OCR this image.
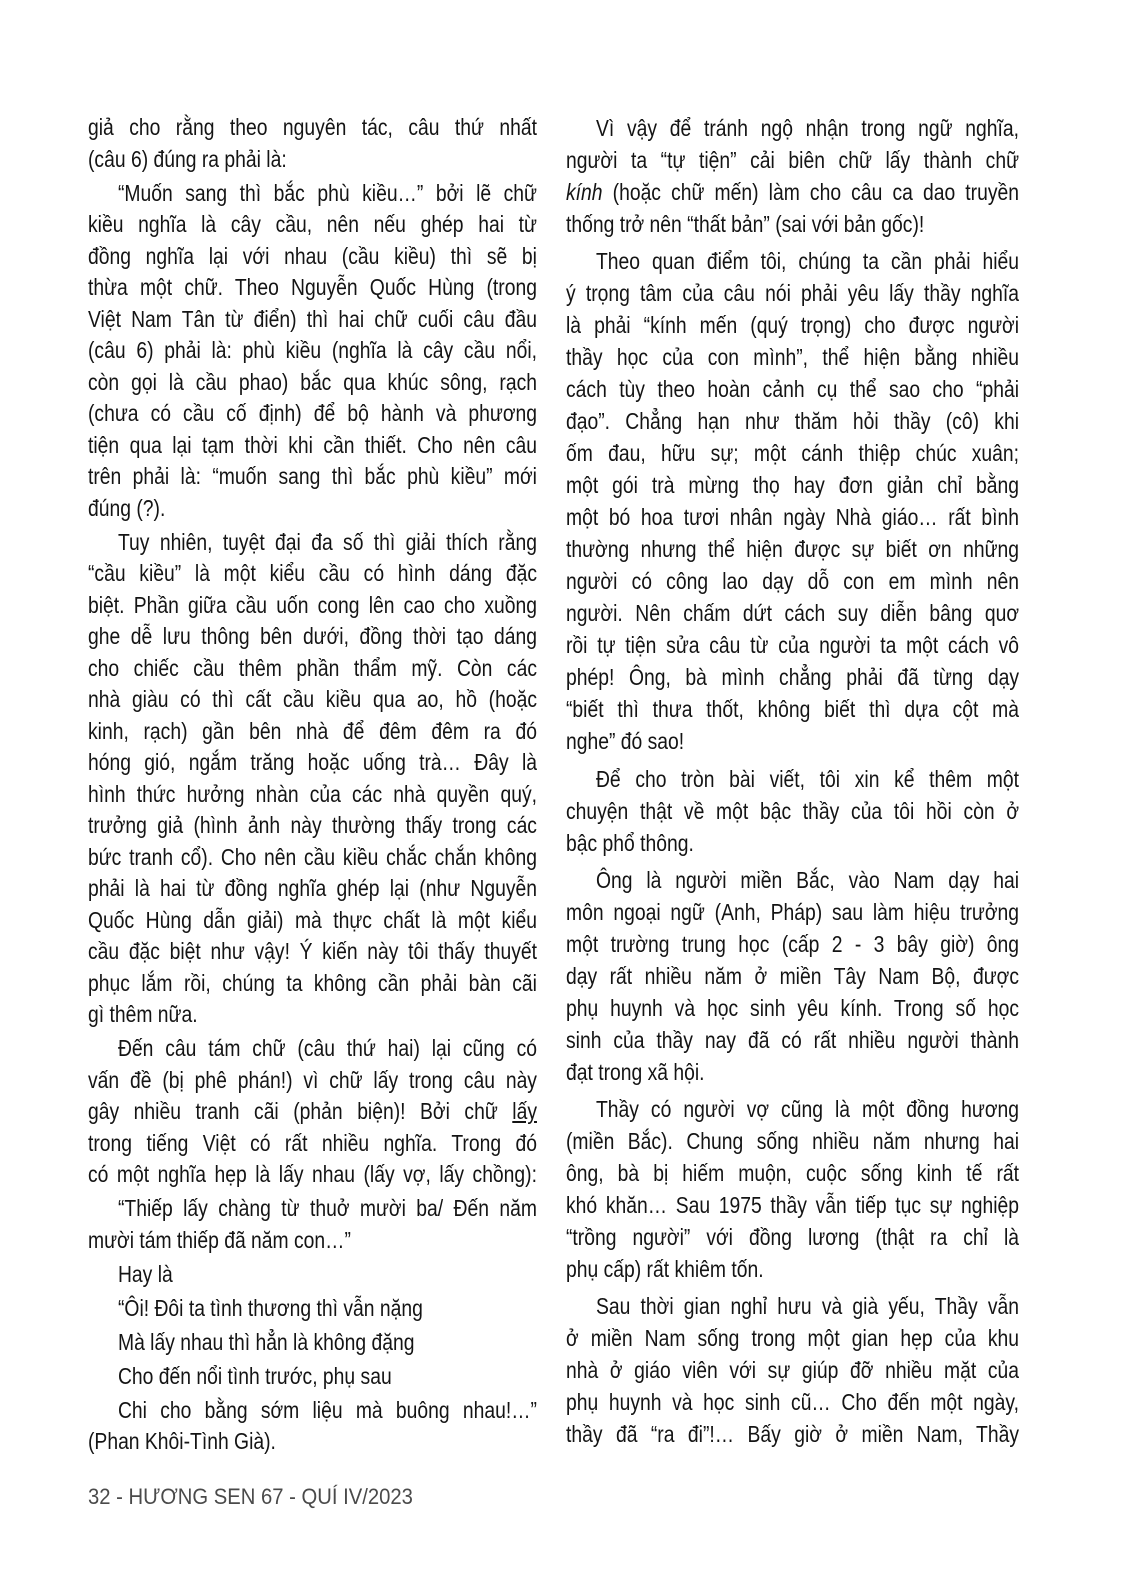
giả cho rằng theo nguyên tác, câu thứ nhất
(câu 6) đúng ra phải là:
“Muốn sang thì bắc phù kiều…” bởi lẽ chữ
kiều nghĩa là cây cầu, nên nếu ghép hai từ
đồng nghĩa lại với nhau (cầu kiều) thì sẽ bị
thừa một chữ. Theo Nguyễn Quốc Hùng (trong
Việt Nam Tân từ điển) thì hai chữ cuối câu đầu
(câu 6) phải là: phù kiều (nghĩa là cây cầu nổi,
còn gọi là cầu phao) bắc qua khúc sông, rạch
(chưa có cầu cố định) để bộ hành và phương
tiện qua lại tạm thời khi cần thiết. Cho nên câu
trên phải là: “muốn sang thì bắc phù kiều” mới
đúng (?).
Tuy nhiên, tuyệt đại đa số thì giải thích rằng
“cầu kiều” là một kiểu cầu có hình dáng đặc
biệt. Phần giữa cầu uốn cong lên cao cho xuồng
ghe dễ lưu thông bên dưới, đồng thời tạo dáng
cho chiếc cầu thêm phần thẩm mỹ. Còn các
nhà giàu có thì cất cầu kiều qua ao, hồ (hoặc
kinh, rạch) gần bên nhà để đêm đêm ra đó
hóng gió, ngắm trăng hoặc uống trà… Đây là
hình thức hưởng nhàn của các nhà quyền quý,
trưởng giả (hình ảnh này thường thấy trong các
bức tranh cổ). Cho nên cầu kiều chắc chắn không
phải là hai từ đồng nghĩa ghép lại (như Nguyễn
Quốc Hùng dẫn giải) mà thực chất là một kiểu
cầu đặc biệt như vậy! Ý kiến này tôi thấy thuyết
phục lắm rồi, chúng ta không cần phải bàn cãi
gì thêm nữa.
Đến câu tám chữ (câu thứ hai) lại cũng có
vấn đề (bị phê phán!) vì chữ lấy trong câu này
gây nhiều tranh cãi (phản biện)! Bởi chữ lấy
trong tiếng Việt có rất nhiều nghĩa. Trong đó
có một nghĩa hẹp là lấy nhau (lấy vợ, lấy chồng):
“Thiếp lấy chàng từ thuở mười ba/ Đến năm
mười tám thiếp đã năm con…”
Hay là
“Ôi! Đôi ta tình thương thì vẫn nặng
Mà lấy nhau thì hẳn là không đặng
Cho đến nổi tình trước, phụ sau
Chi cho bằng sớm liệu mà buông nhau!…”
(Phan Khôi-Tình Già).
Vì vậy để tránh ngộ nhận trong ngữ nghĩa,
người ta “tự tiện” cải biên chữ lấy thành chữ
kính (hoặc chữ mến) làm cho câu ca dao truyền
thống trở nên “thất bản” (sai với bản gốc)!
Theo quan điểm tôi, chúng ta cần phải hiểu
ý trọng tâm của câu nói phải yêu lấy thầy nghĩa
là phải “kính mến (quý trọng) cho được người
thầy học của con mình”, thể hiện bằng nhiều
cách tùy theo hoàn cảnh cụ thể sao cho “phải
đạo”. Chẳng hạn như thăm hỏi thầy (cô) khi
ốm đau, hữu sự; một cánh thiệp chúc xuân;
một gói trà mừng thọ hay đơn giản chỉ bằng
một bó hoa tươi nhân ngày Nhà giáo… rất bình
thường nhưng thể hiện được sự biết ơn những
người có công lao dạy dỗ con em mình nên
người. Nên chấm dứt cách suy diễn bâng quơ
rồi tự tiện sửa câu từ của người ta một cách vô
phép! Ông, bà mình chẳng phải đã từng dạy
“biết thì thưa thốt, không biết thì dựa cột mà
nghe” đó sao!
Để cho tròn bài viết, tôi xin kể thêm một
chuyện thật về một bậc thầy của tôi hồi còn ở
bậc phổ thông.
Ông là người miền Bắc, vào Nam dạy hai
môn ngoại ngữ (Anh, Pháp) sau làm hiệu trưởng
một trường trung học (cấp 2 - 3 bây giờ) ông
dạy rất nhiều năm ở miền Tây Nam Bộ, được
phụ huynh và học sinh yêu kính. Trong số học
sinh của thầy nay đã có rất nhiều người thành
đạt trong xã hội.
Thầy có người vợ cũng là một đồng hương
(miền Bắc). Chung sống nhiều năm nhưng hai
ông, bà bị hiếm muộn, cuộc sống kinh tế rất
khó khăn… Sau 1975 thầy vẫn tiếp tục sự nghiệp
“trồng người” với đồng lương (thật ra chỉ là
phụ cấp) rất khiêm tốn.
Sau thời gian nghỉ hưu và già yếu, Thầy vẫn
ở miền Nam sống trong một gian hẹp của khu
nhà ở giáo viên với sự giúp đỡ nhiều mặt của
phụ huynh và học sinh cũ… Cho đến một ngày,
thầy đã “ra đi”!… Bấy giờ ở miền Nam, Thầy
32 - HƯƠNG SEN 67 - QUÍ IV/2023
